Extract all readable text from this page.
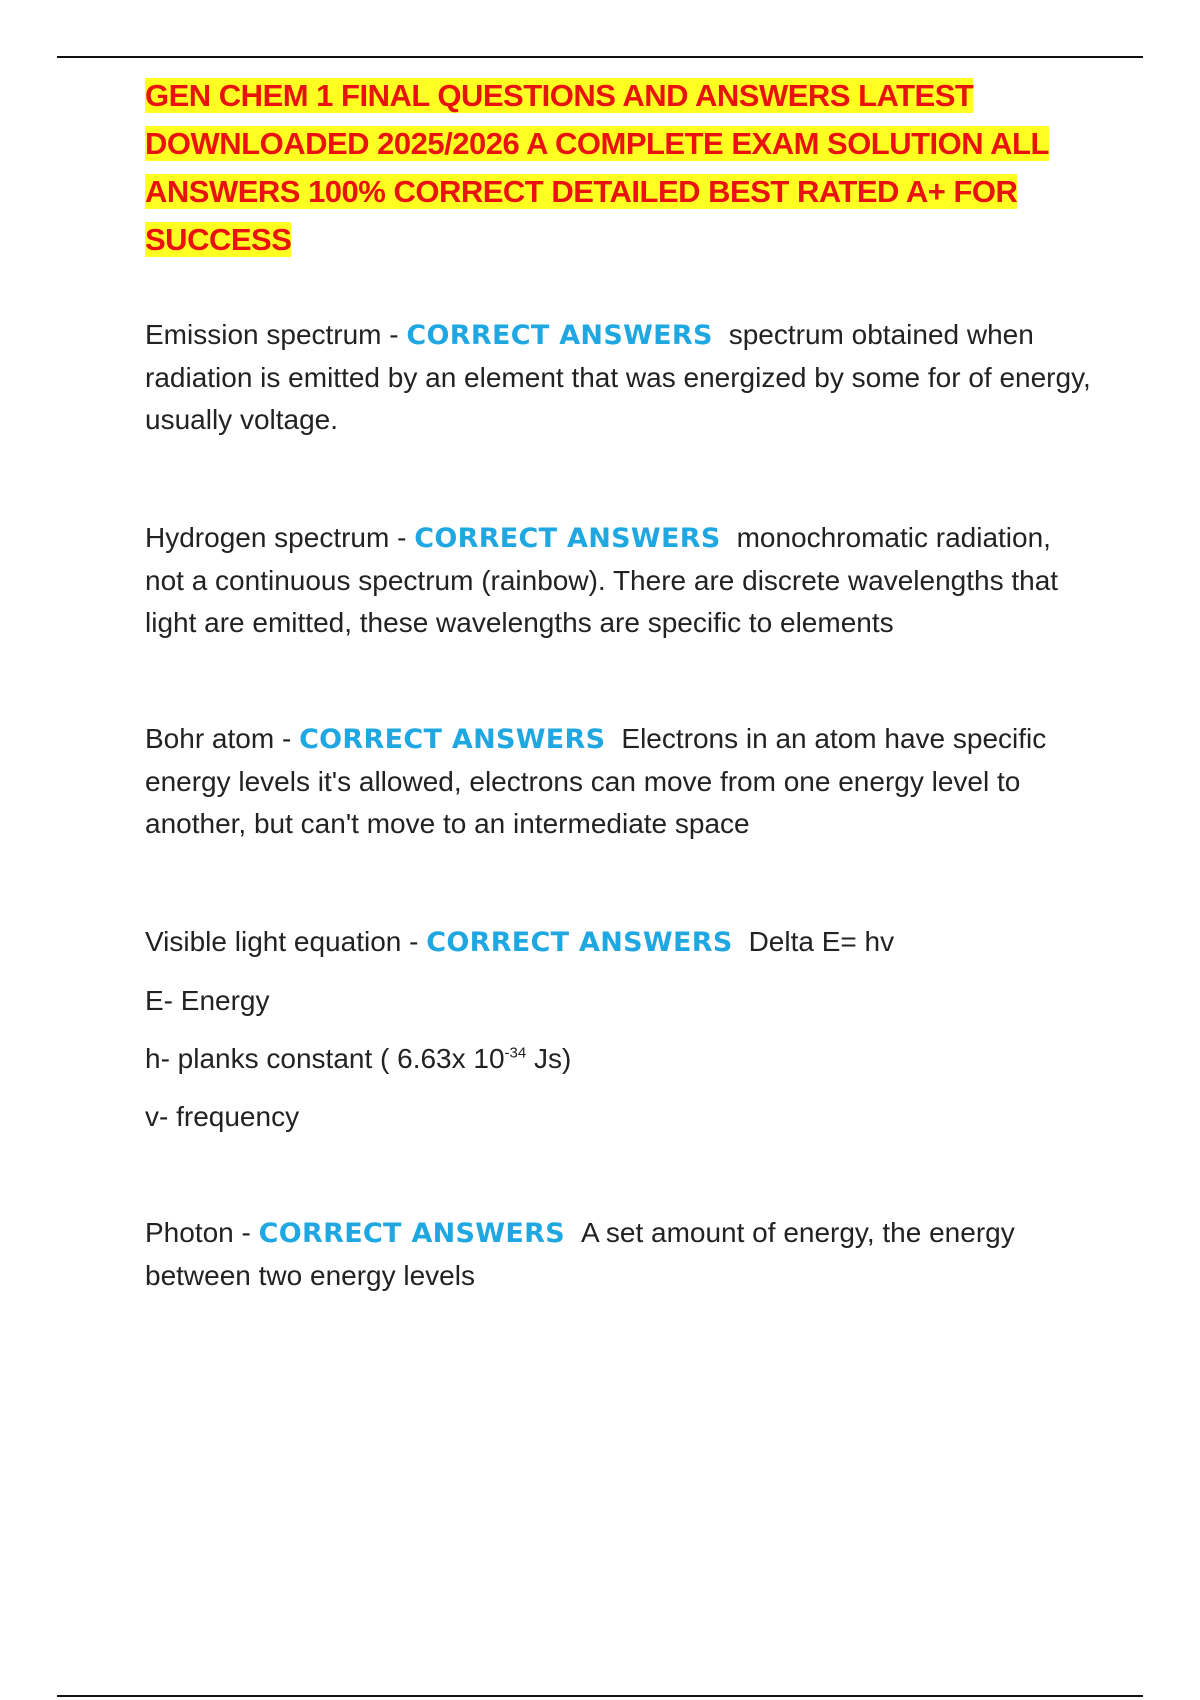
GEN CHEM 1 FINAL QUESTIONS AND ANSWERS LATEST DOWNLOADED 2025/2026 A COMPLETE EXAM SOLUTION ALL ANSWERS 100% CORRECT DETAILED BEST RATED A+ FOR SUCCESS

Emission spectrum - CORRECT ANSWERS spectrum obtained when radiation is emitted by an element that was energized by some for of energy, usually voltage.

Hydrogen spectrum - CORRECT ANSWERS monochromatic radiation, not a continuous spectrum (rainbow). There are discrete wavelengths that light are emitted, these wavelengths are specific to elements

Bohr atom - CORRECT ANSWERS Electrons in an atom have specific energy levels it's allowed, electrons can move from one energy level to another, but can't move to an intermediate space

Visible light equation - CORRECT ANSWERS Delta E= hv

E- Energy

h- planks constant ( 6.63x $10^{-34}$ Js)

v- frequency

Photon - CORRECT ANSWERS A set amount of energy, the energy between two energy levels
